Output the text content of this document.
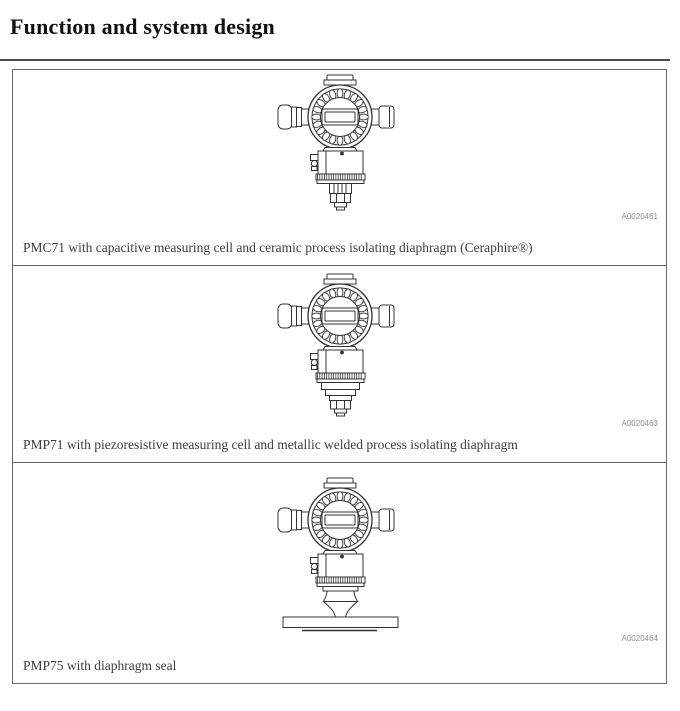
Function and system design
A0020461
PMC71 with capacitive measuring cell and ceramic process isolating diaphragm (Ceraphire®)
A0020463
PMP71 with piezoresistive measuring cell and metallic welded process isolating diaphragm
A0020464
PMP75 with diaphragm seal
